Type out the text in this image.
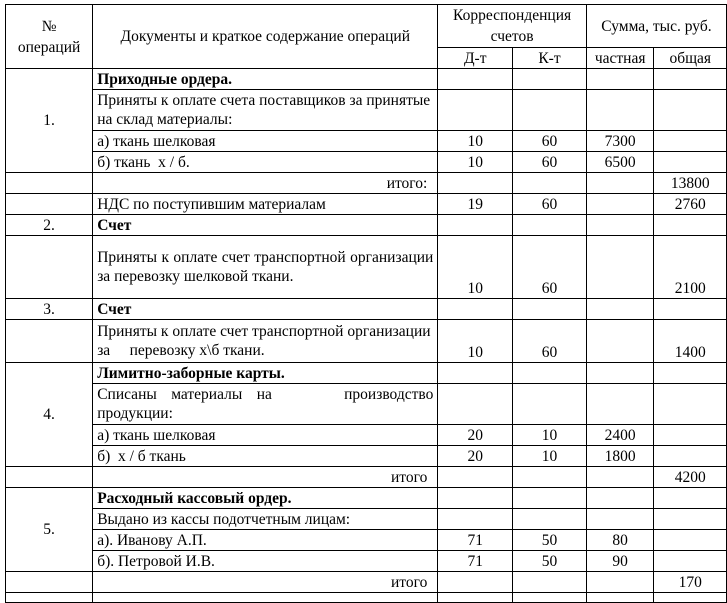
№ операций	Документы и краткое содержание операций	Корреспонденция счетов		Сумма, тыс. руб.	
		Д-т	К-т	частная	общая
1.	Приходные ордера.				
	Приняты к оплате счета поставщиков за принятые на склад материалы:				
	а) ткань шелковая	10	60	7300	
	б) ткань  х / б.	10	60	6500	
	итого:				13800
	НДС по поступившим материалам	19	60		2760
2.	Счет				
	Приняты к оплате счет транспортной организации за перевозку шелковой ткани.	10	60		2100
3.	Счет				
	Приняты к оплате счет транспортной организации за     перевозку х\б ткани.	10	60		1400
4.	Лимитно-заборные карты.				
	Списаны материалы на     производство продукции:				
	а) ткань шелковая	20	10	2400	
	б)  х / б ткань	20	10	1800	
	итого				4200
5.	Расходный кассовый ордер.				
	Выдано из кассы подотчетным лицам:				
	а). Иванову А.П.	71	50	80	
	б). Петровой И.В.	71	50	90	
	итого				170
